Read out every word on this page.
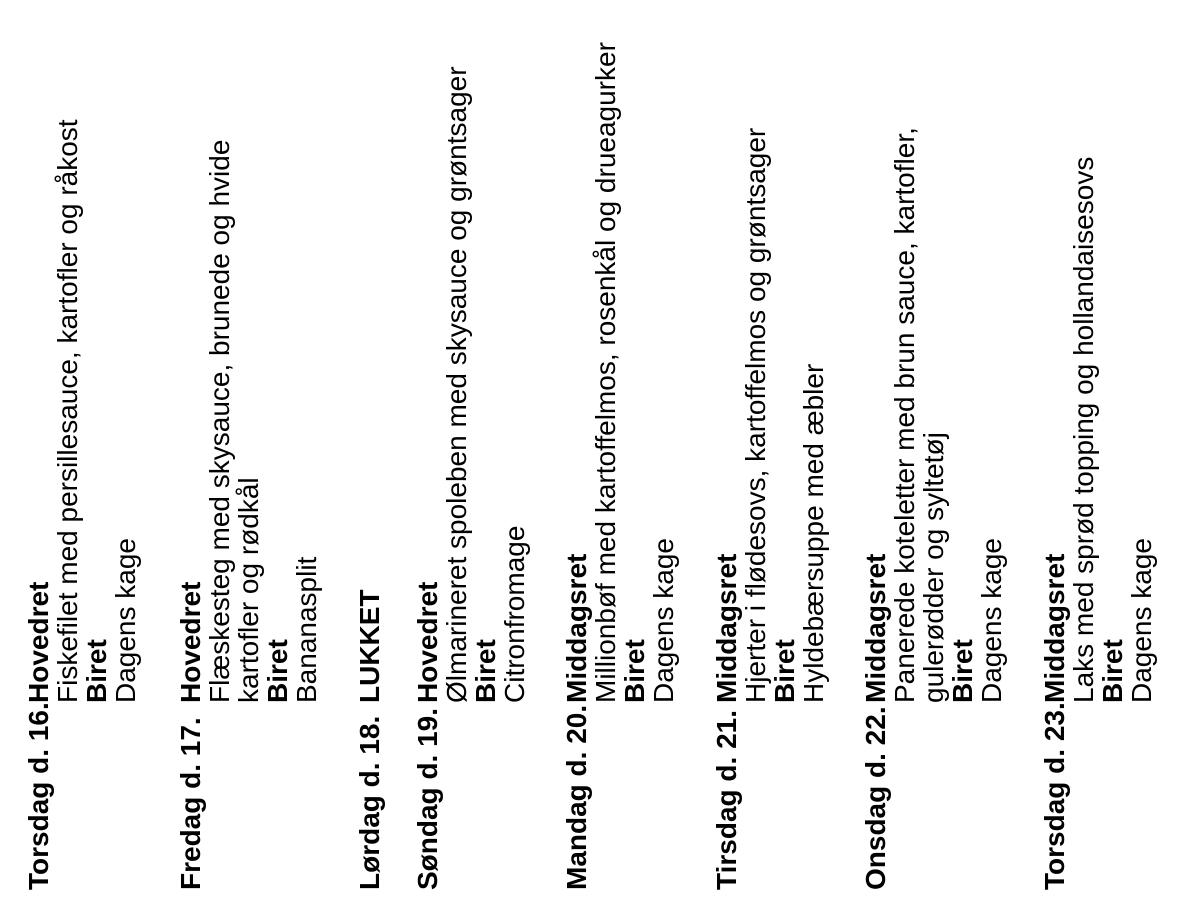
Torsdag d. 16.
Hovedret
Fiskefilet med persillesauce, kartofler og råkost
Biret
Dagens kage
Fredag d. 17.
Hovedret
Flæskesteg med skysauce, brunede og hvide kartofler og rødkål
Biret
Bananasplit
Lørdag d. 18.
LUKKET
Søndag d. 19.
Hovedret
Ølmarineret spoleben med skysauce og grøntsager
Biret
Citronfromage
Mandag d. 20.
Middagsret
Millionbøf med kartoffelmos, rosenkål og drueagurker
Biret
Dagens kage
Tirsdag d. 21.
Middagsret
Hjerter i flødesovs, kartoffelmos og grøntsager
Biret
Hyldebærsuppe med æbler
Onsdag d. 22.
Middagsret
Panerede koteletter med brun sauce, kartofler, gulerødder og syltetøj
Biret
Dagens kage
Torsdag d. 23.
Middagsret
Laks med sprød topping og hollandaisesovs
Biret
Dagens kage
